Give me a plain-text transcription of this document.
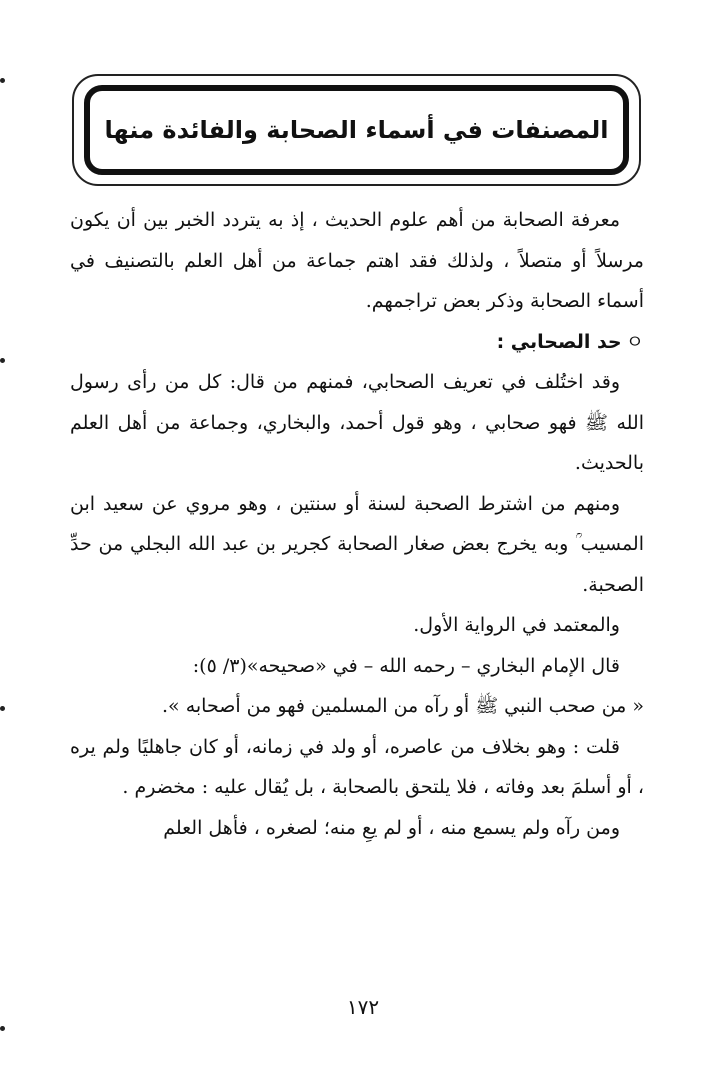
المصنفات في أسماء الصحابة والفائدة منها

معرفة الصحابة من أهم علوم الحديث ، إذ به يتردد الخبر بين أن يكون مرسلاً أو متصلاً ، ولذلك فقد اهتم جماعة من أهل العلم بالتصنيف في أسماء الصحابة وذكر بعض تراجمهم.

ㅇحد الصحابي :

وقد اختُلف في تعريف الصحابي، فمنهم من قال: كل من رأى رسول الله ﷺ فهو صحابي ، وهو قول أحمد، والبخاري، وجماعة من أهل العلم بالحديث.

ومنهم من اشترط الصحبة لسنة أو سنتين ، وهو مروي عن سعيد ابن المسيب ؒ وبه يخرج بعض صغار الصحابة كجرير بن عبد الله البجلي من حدِّ الصحبة.

والمعتمد في الرواية الأول.

قال الإمام البخاري – رحمه الله – في «صحيحه»(٣/ ٥):

« من صحب النبي ﷺ أو رآه من المسلمين فهو من أصحابه ».

قلت : وهو بخلاف من عاصره، أو ولد في زمانه، أو كان جاهليًا ولم يره ، أو أسلمَ بعد وفاته ، فلا يلتحق بالصحابة ، بل يُقال عليه : مخضرم .

ومن رآه ولم يسمع منه ، أو لم يعِ منه؛ لصغره ، فأهل العلم

١٧٢
